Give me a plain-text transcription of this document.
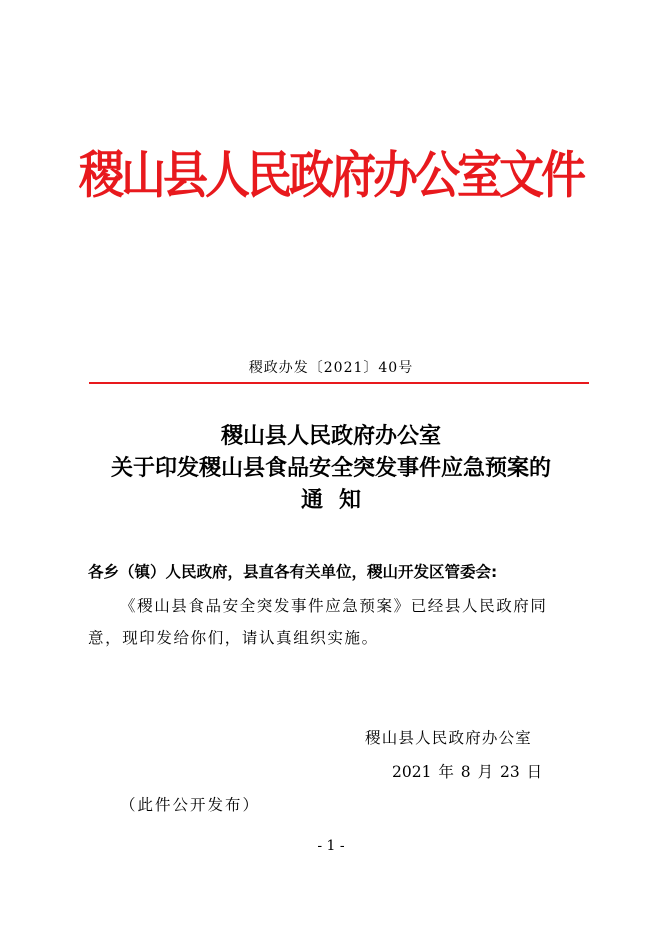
稷山县人民政府办公室文件
稷政办发〔2021〕40号
稷山县人民政府办公室
关于印发稷山县食品安全突发事件应急预案的
通知
各乡（镇）人民政府，县直各有关单位，稷山开发区管委会:
《稷山县食品安全突发事件应急预案》已经县人民政府同
意，现印发给你们，请认真组织实施。
稷山县人民政府办公室
2021 年 8 月 23 日
（此件公开发布）
- 1 -
